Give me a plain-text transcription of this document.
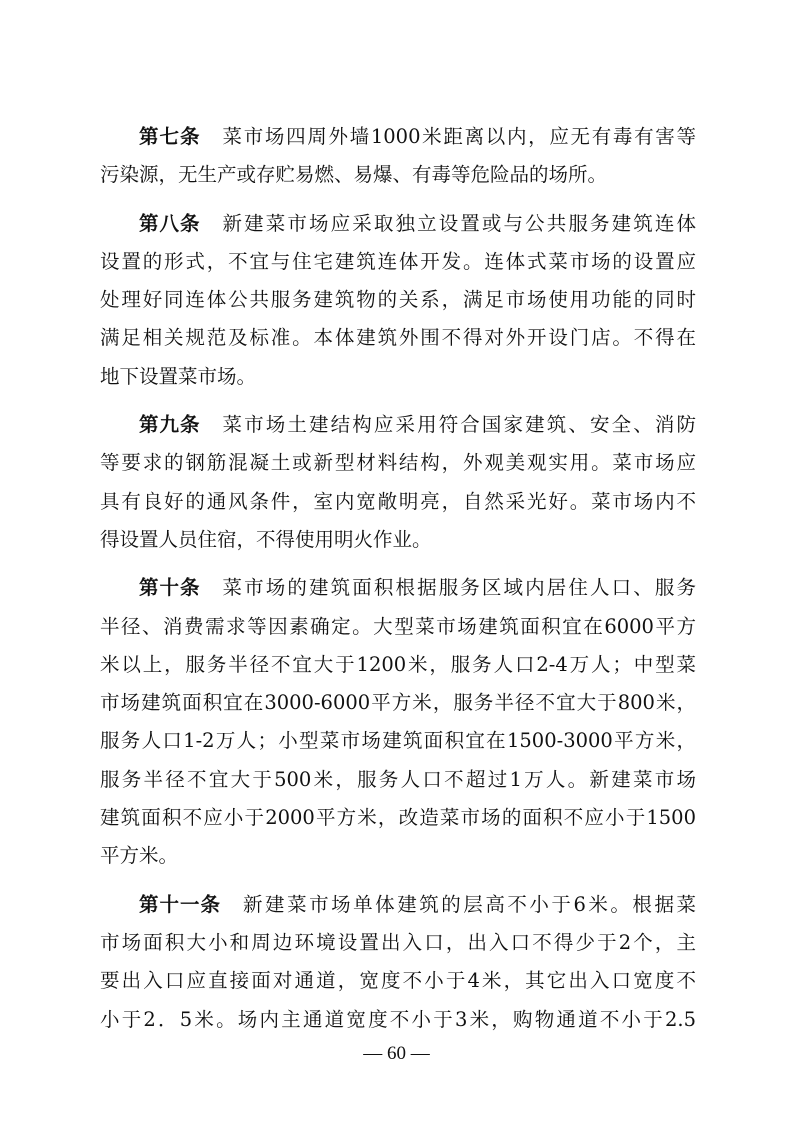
第七条 菜市场四周外墙1000米距离以内，应无有毒有害等
污染源，无生产或存贮易燃、易爆、有毒等危险品的场所。
第八条 新建菜市场应采取独立设置或与公共服务建筑连体
设置的形式，不宜与住宅建筑连体开发。连体式菜市场的设置应
处理好同连体公共服务建筑物的关系，满足市场使用功能的同时
满足相关规范及标准。本体建筑外围不得对外开设门店。不得在
地下设置菜市场。
第九条 菜市场土建结构应采用符合国家建筑、安全、消防
等要求的钢筋混凝土或新型材料结构，外观美观实用。菜市场应
具有良好的通风条件，室内宽敞明亮，自然采光好。菜市场内不
得设置人员住宿，不得使用明火作业。
第十条 菜市场的建筑面积根据服务区域内居住人口、服务
半径、消费需求等因素确定。大型菜市场建筑面积宜在6000平方
米以上，服务半径不宜大于1200米，服务人口2-4万人；中型菜
市场建筑面积宜在3000-6000平方米，服务半径不宜大于800米，
服务人口1-2万人；小型菜市场建筑面积宜在1500-3000平方米，
服务半径不宜大于500米，服务人口不超过1万人。新建菜市场
建筑面积不应小于2000平方米，改造菜市场的面积不应小于1500
平方米。
第十一条 新建菜市场单体建筑的层高不小于6米。根据菜
市场面积大小和周边环境设置出入口，出入口不得少于2个，主
要出入口应直接面对通道，宽度不小于4米，其它出入口宽度不
小于2．5米。场内主通道宽度不小于3米，购物通道不小于2.5
— 60 —
